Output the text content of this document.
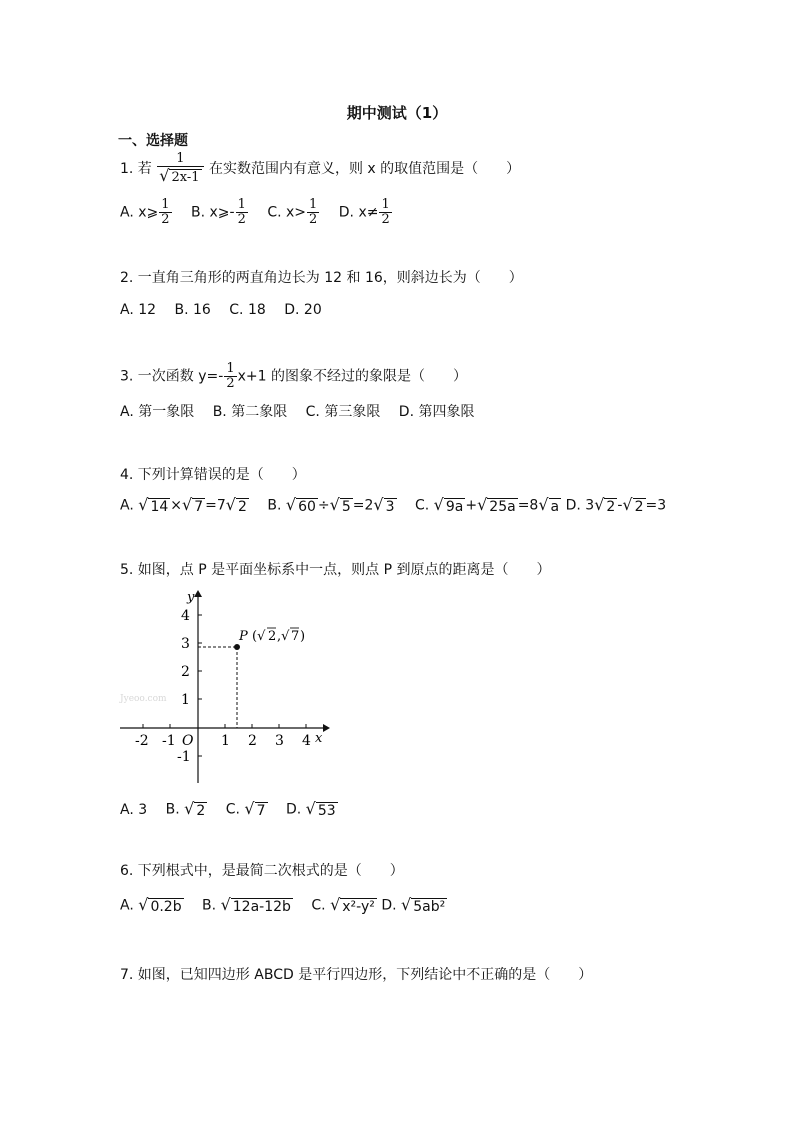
期中测试（1）
一、选择题
1. 若 $\frac{1}{√ 2x-1}$ 在实数范围内有意义，则 x 的取值范围是（　　）
A. x⩾ $\frac{1}{2} B$. x⩾- $\frac{1}{2} C$. $x> \frac{1}{2} D$. $x\ne \frac{1}{2}$
2. 一直角三角形的两直角边长为 12 和 16，则斜边长为（　　）
A. 12 B. 16 C. 18 D. 20
3. 一次函数 $y=- \frac{1}{2} x+1$ 的图象不经过的象限是（　　）
A. 第一象限 B. 第二象限 C. 第三象限 D. 第四象限
4. 下列计算错误的是（　　）
A. √ 14 × √ 7 =7 √ 2 B. √ 60 ÷ √ 5 =2 √ 3 C. √ 9a + √ 25a =8 √ a D. 3 √ 2 - √ 2 =3
5. 如图，点 P 是平面坐标系中一点，则点 P 到原点的距离是（　　）
-2 -1 O 1 2 3 4 x
4
3
2
1
-1
y
P (√ 2 ,√ 7 )
Jyeoo.com
A. 3 B. √ 2 C. √ 7 D. √ 53
6. 下列根式中，是最简二次根式的是（　　）
A. √ 0.2b B. √ 12a-12b C. √ x²-y² D. √ 5ab²
7. 如图，已知四边形 ABCD 是平行四边形，下列结论中不正确的是（　　）
